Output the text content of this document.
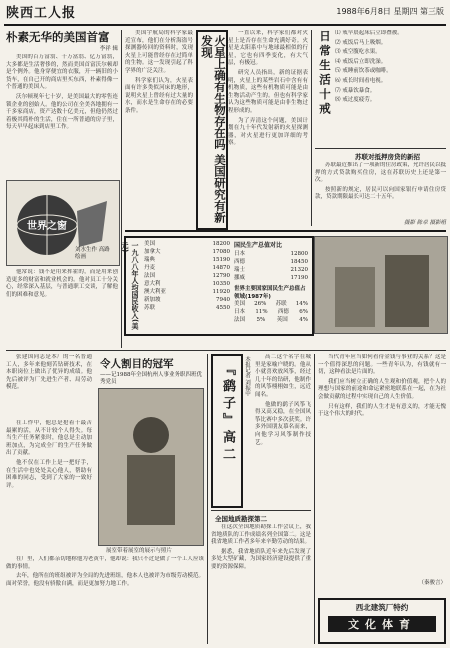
陕西工人报	1988年6月8日 星期四 第三版
朴素无华的美国首富
李祥 辑

美国的百万富翁、千万富翁、亿万富翁，大多都是生活奢侈的，然而美国首富沃尔顿却是个例外。他身穿便宜的衣服，开一辆旧的小货车，在自己开的商店里买东西，朴素得像一个普通的美国人。

沃尔顿现年七十岁，是美国最大的零售连锁企业的创始人。他的公司在全美各地拥有一千多家商店，资产达数十亿美元，但他仍然过着极其简朴的生活，住在一所普通的房子里，每天早早起床到店里工作。

世界之窗
刘水生作 高路 绘画

他常说：钱不是用来挥霍的，而是用来创造更多的财富和就业机会的。他对员工十分关心，经常深入基层，与普通职工交谈，了解他们的困难和意见。

美国宇航局的科学家最近宣布，他们在分析海盗号探测器传回的资料时，发现火星上可能曾经存在过简单的生物。这一发现引起了科学界的广泛关注。

科学家们认为，火星表面有许多类似河床的地形，说明火星上曾经有过大量的水，而水是生命存在的必要条件。	火星上确有生物存在吗 美国研究有新发现

一直以来，科学家们都对火星上是否存在生命充满好奇。火星是太阳系中与地球最相似的行星，它也有四季变化，有大气层，有极冠。

研究人员指出，新的证据表明，火星上的某些岩石中含有有机物质，这些有机物质可能是由生物活动产生的。但也有科学家认为这些物质可能是由非生物过程形成的。

为了弄清这个问题，美国计划在九十年代发射新的火星探测器，对火星进行更加详细的考察。

日常生活十戒 ⑴ 戒早晨起床后立即叠被。

⑵ 戒饭后马上吸烟。

⑶ 戒空腹吃水果。

⑷ 戒饭后立即洗澡。

⑸ 戒睡前饮茶或咖啡。

⑹ 戒长时间看电视。

⑺ 戒暴饮暴食。

⑻ 戒过度疲劳。

苏联对抵押房贷的新招

苏联最近推出了一项新的住房政策，允许居民以抵押的方式贷款购买住房，这在苏联历史上还是第一次。

按照新的规定，居民可以向国家银行申请住房贷款，贷款期限最长可达二十五年。

摄影 陈卓 摄影组
一九八八年人均国民收入(美元)	美国	18200
加拿大	17080
瑞典	15190
丹麦	14870
法国	12790
意大利	10350
澳大利亚	11920
新加坡	7940
苏联	4550
国民生产总值对比
日本	12800
西德	18450
瑞士	21320
挪威	17190
世界主要国家国民生产总值占领域(1987年)
美国 26% 苏联 14%
日本 11% 西德 6%
法国 5% 英国 4%

张建国同志是本厂的一名普通工人，多年来他刻苦钻研技术，在本职岗位上做出了优异的成绩。他先后被评为厂先进生产者、局劳动模范。

令人割目的冠军
——记1988年全国杭州人事业务职四班优秀党员

在工作中，他总是抢着干最苦最累的活，从不计较个人得失。每当生产任务紧张时，他总是主动加班加点，为完成全厂的生产任务做出了贡献。

他不仅在工作上是一把好手，在生活中也处处关心他人，帮助有困难的同志，受到了大家的一致好评。

展室带着展室的展示与照片

在厂里，人们都亲切地称他为老黄牛，他却说：我只不过是做了一个工人应该做的事情。

去年，他所在的班组被评为全局的先进班组，他本人也被评为市级劳动模范。面对荣誉，他没有骄傲自满，而是更加努力地工作。

『鹞子』高二	本报记者 刘振中	高二这个名字在城里是家喻户晓的。他从小就喜欢放风筝，经过几十年的钻研，他制作的风筝栩栩如生，远近闻名。

他做的鹞子风筝飞得又高又稳，在全国风筝比赛中多次获奖。许多外国朋友慕名而来，向他学习风筝制作技艺。

全国地质勘探第二

在这次全国地质勘探工作会议上，我省地质队的工作成绩名列全国第二。这是我省地质工作者多年来辛勤劳动的结果。

据悉，我省地质队近年来先后发现了多处大型矿藏，为国家经济建设提供了重要的资源保障。

当代青年应当如何看待金钱与事业的关系？这是一个值得深思的问题。一些青年认为，有钱就有一切，这种看法是片面的。

我们应当树立正确的人生观和价值观，把个人的理想与国家的前途和命运紧密地联系在一起，在为社会做贡献的过程中实现自己的人生价值。

只有这样，我们的人生才是有意义的，才能无愧于这个伟大的时代。

（秦骏言）
西北建筑厂特约
文化体育
